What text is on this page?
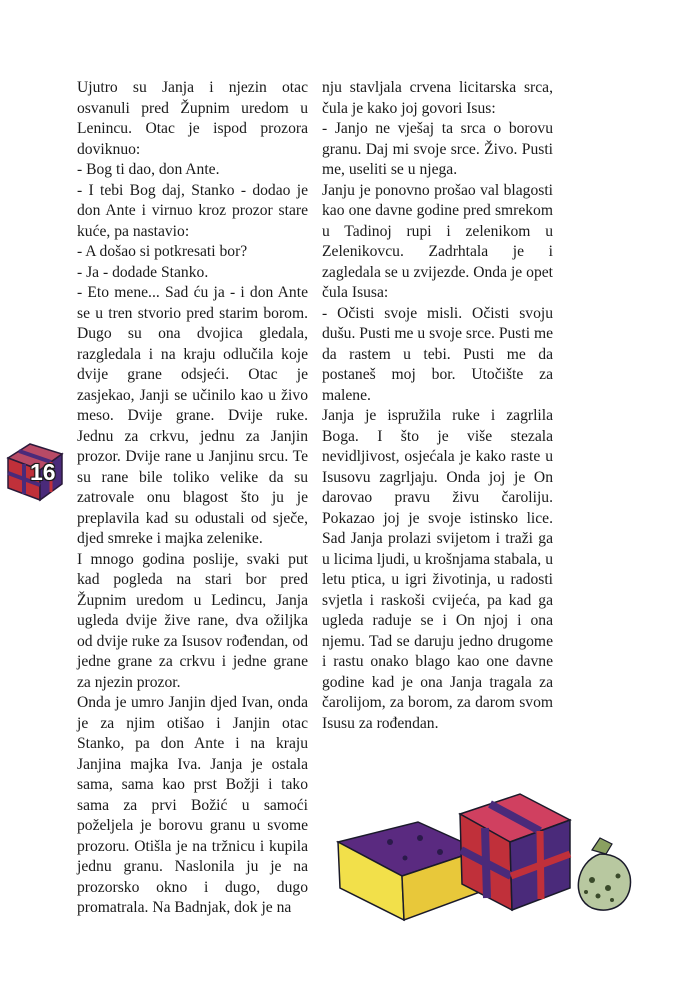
16

Ujutro su Janja i njezin otac osvanuli pred Župnim uredom u Lenincu. Otac je ispod prozora doviknuo:

- Bog ti dao, don Ante.

- I tebi Bog daj, Stanko - dodao je don Ante i virnuo kroz prozor stare kuće, pa nastavio:

- A došao si potkresati bor?

- Ja - dodade Stanko.

- Eto mene... Sad ću ja - i don Ante se u tren stvorio pred starim borom. Dugo su ona dvojica gledala, razgledala i na kraju odlučila koje dvije grane odsjeći. Otac je zasjekao, Janji se učinilo kao u živo meso. Dvije grane. Dvije ruke. Jednu za crkvu, jednu za Janjin prozor. Dvije rane u Janjinu srcu. Te su rane bile toliko velike da su zatrovale onu blagost što ju je preplavila kad su odustali od sječe, djed smreke i majka zelenike.

I mnogo godina poslije, svaki put kad pogleda na stari bor pred Župnim uredom u Ledincu, Janja ugleda dvije žive rane, dva ožiljka od dvije ruke za Isusov rođendan, od jedne grane za crkvu i jedne grane za njezin prozor.

Onda je umro Janjin djed Ivan, onda je za njim otišao i Janjin otac Stanko, pa don Ante i na kraju Janjina majka Iva. Janja je ostala sama, sama kao prst Božji i tako sama za prvi Božić u samoći poželjela je borovu granu u svome prozoru. Otišla je na tržnicu i kupila jednu granu. Naslonila ju je na prozorsko okno i dugo, dugo promatrala. Na Badnjak, dok je na

nju stavljala crvena licitarska srca, čula je kako joj govori Isus:

- Janjo ne vješaj ta srca o borovu granu. Daj mi svoje srce. Živo. Pusti me, useliti se u njega.

Janju je ponovno prošao val blagosti kao one davne godine pred smrekom u Tadinoj rupi i zelenikom u Zelenikovcu. Zadrhtala je i zagledala se u zvijezde. Onda je opet čula Isusa:

- Očisti svoje misli. Očisti svoju dušu. Pusti me u svoje srce. Pusti me da rastem u tebi. Pusti me da postaneš moj bor. Utočište za malene.

Janja je ispružila ruke i zagrlila Boga. I što je više stezala nevidljivost, osjećala je kako raste u Isusovu zagrljaju. Onda joj je On darovao pravu živu čaroliju. Pokazao joj je svoje istinsko lice. Sad Janja prolazi svijetom i traži ga u licima ljudi, u krošnjama stabala, u letu ptica, u igri životinja, u radosti svjetla i raskoši cvijeća, pa kad ga ugleda raduje se i On njoj i ona njemu. Tad se daruju jedno drugome i rastu onako blago kao one davne godine kad je ona Janja tragala za čarolijom, za borom, za darom svom Isusu za rođendan.
